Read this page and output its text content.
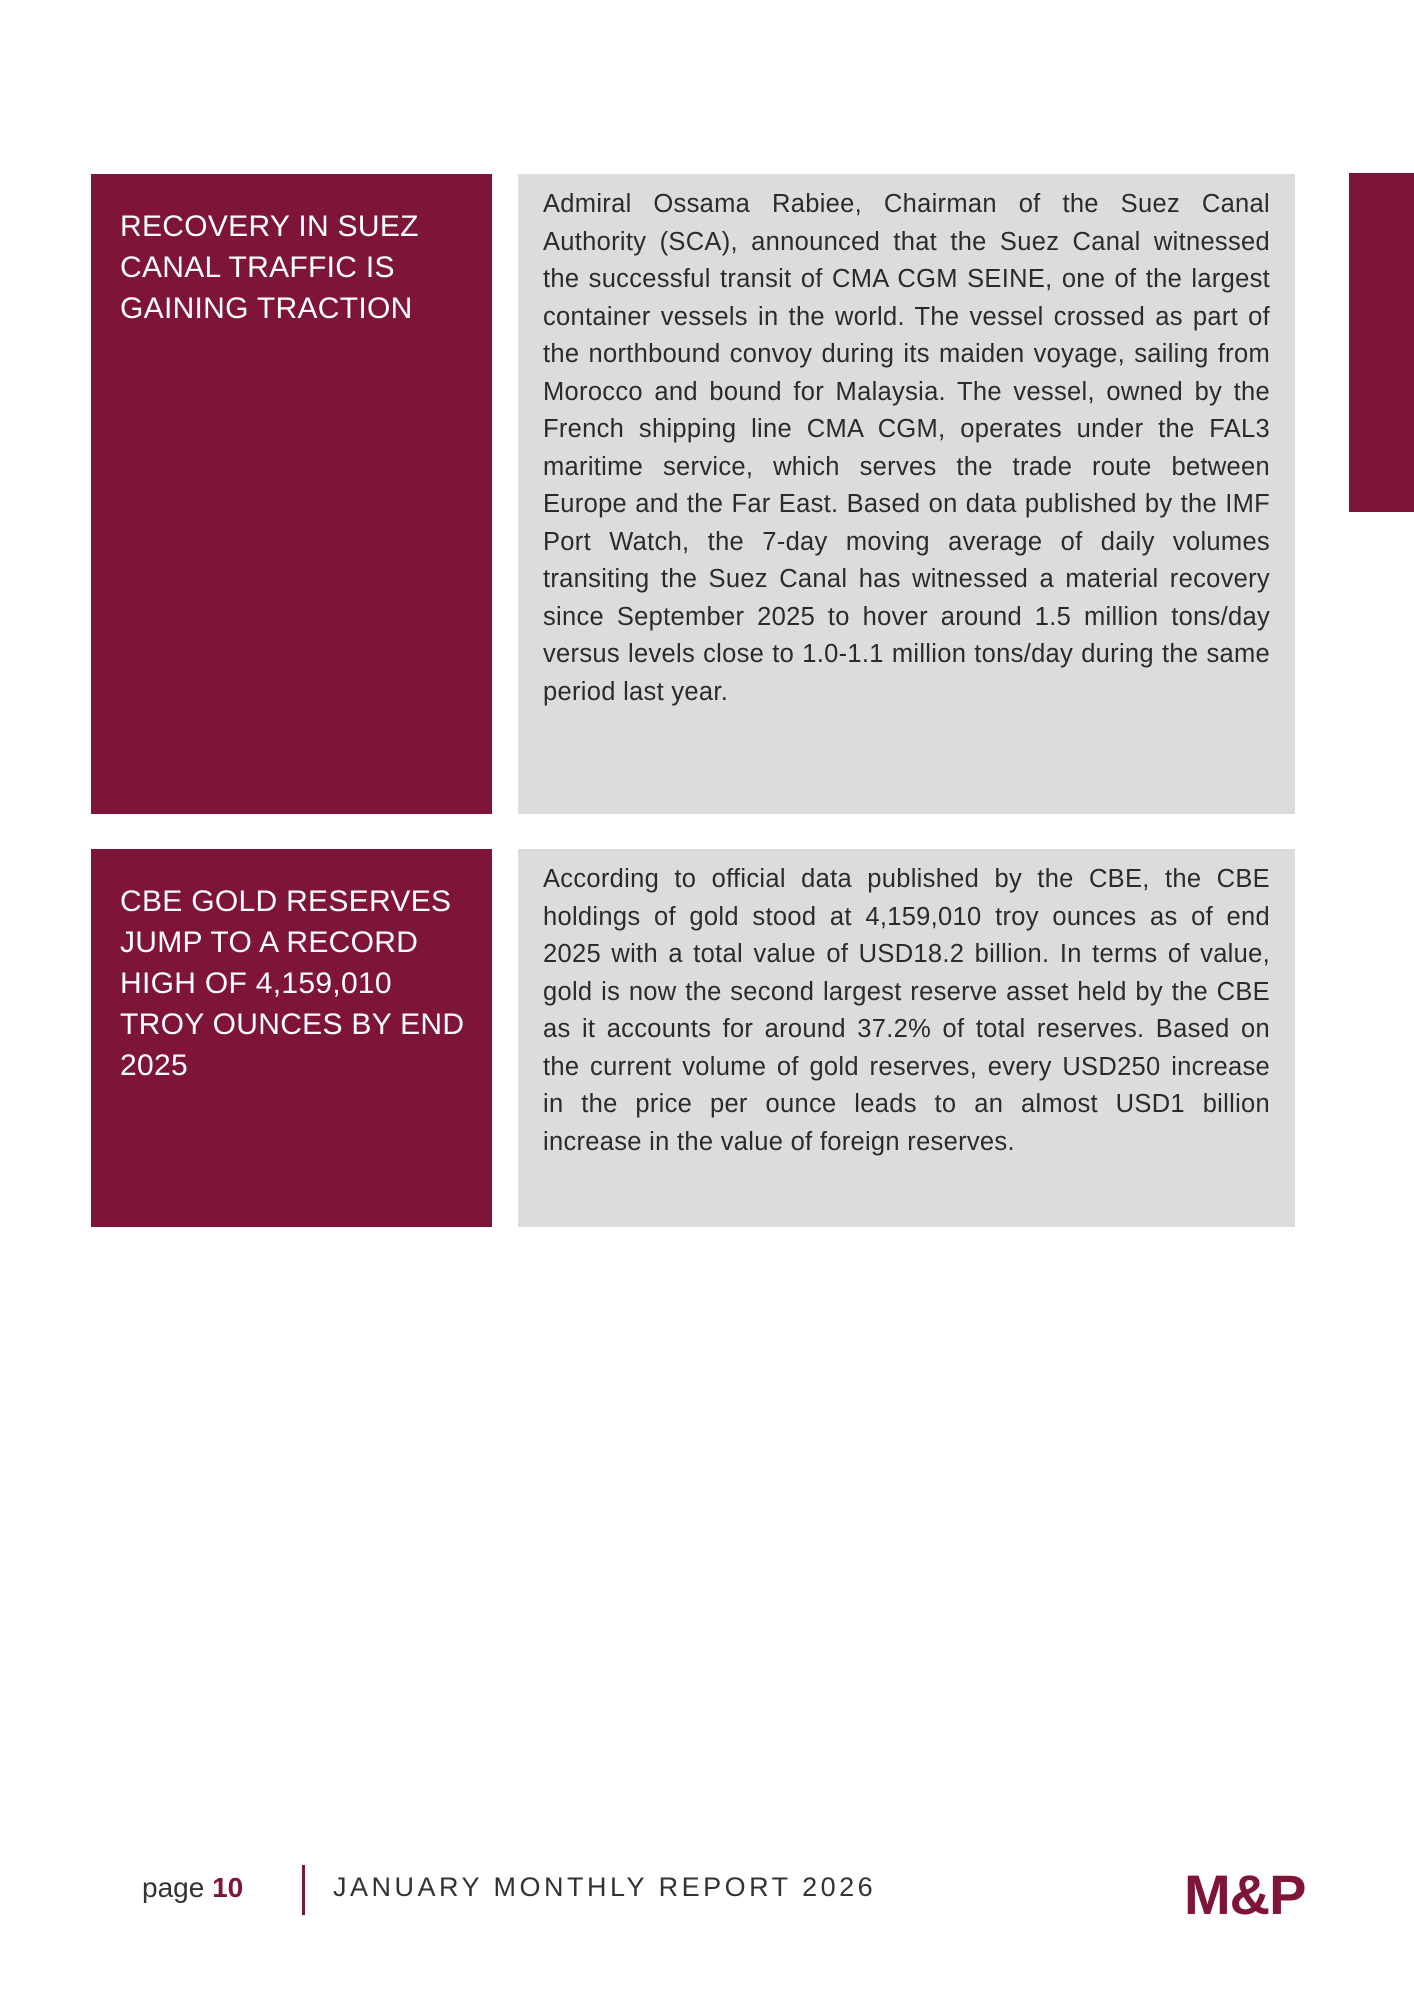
RECOVERY IN SUEZ CANAL TRAFFIC IS GAINING TRACTION
Admiral Ossama Rabiee, Chairman of the Suez Canal Authority (SCA), announced that the Suez Canal witnessed the successful transit of CMA CGM SEINE, one of the largest container vessels in the world. The vessel crossed as part of the northbound convoy during its maiden voyage, sailing from Morocco and bound for Malaysia. The vessel, owned by the French shipping line CMA CGM, operates under the FAL3 maritime service, which serves the trade route between Europe and the Far East. Based on data published by the IMF Port Watch, the 7-day moving average of daily volumes transiting the Suez Canal has witnessed a material recovery since September 2025 to hover around 1.5 million tons/day versus levels close to 1.0-1.1 million tons/day during the same period last year.
CBE GOLD RESERVES JUMP TO A RECORD HIGH OF 4,159,010 TROY OUNCES BY END 2025
According to official data published by the CBE, the CBE holdings of gold stood at 4,159,010 troy ounces as of end 2025 with a total value of USD18.2 billion. In terms of value, gold is now the second largest reserve asset held by the CBE as it accounts for around 37.2% of total reserves. Based on the current volume of gold reserves, every USD250 increase in the price per ounce leads to an almost USD1 billion increase in the value of foreign reserves.
page 10	JANUARY MONTHLY REPORT 2026	M&P
